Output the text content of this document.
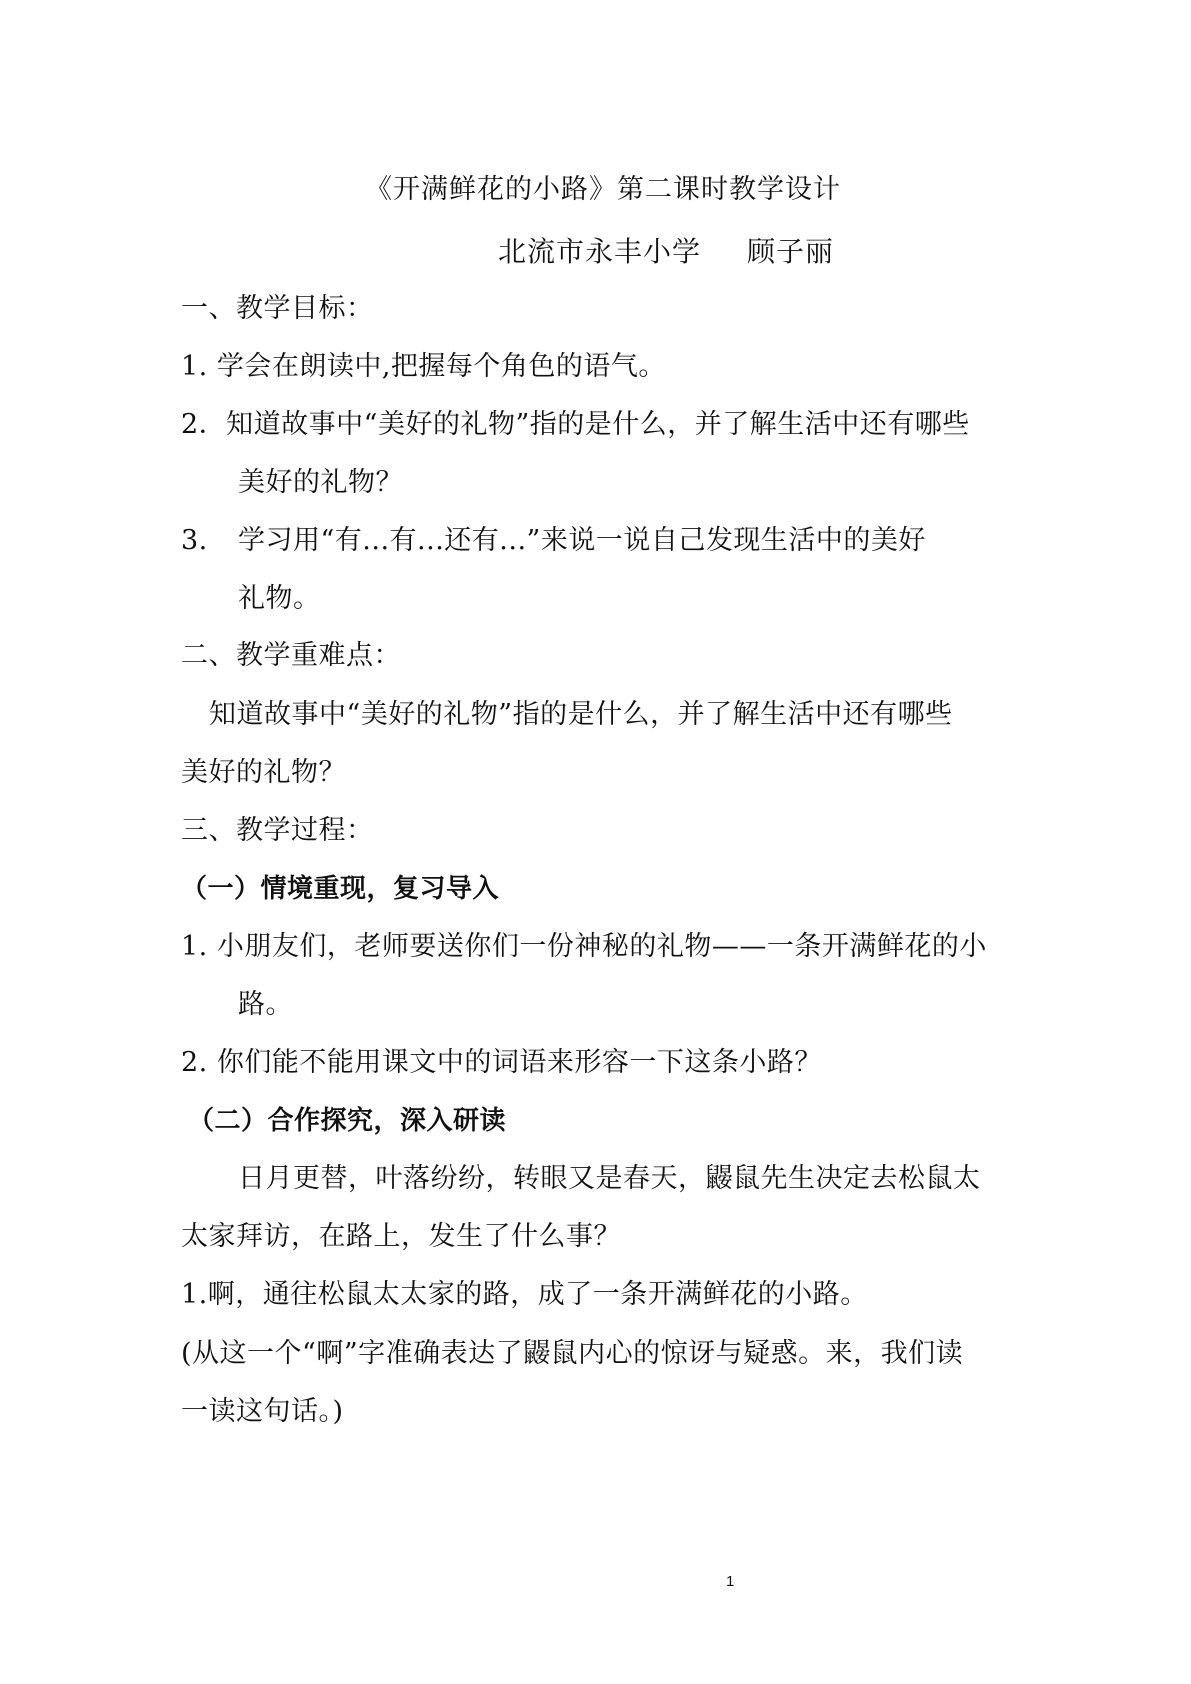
《开满鲜花的小路》第二课时教学设计
北流市永丰小学 顾子丽
一、教学目标：
1. 学会在朗读中,把握每个角色的语气。
2．知道故事中“美好的礼物”指的是什么，并了解生活中还有哪些
美好的礼物？
3. 学习用“有...有...还有...”来说一说自己发现生活中的美好
礼物。
二、教学重难点：
知道故事中“美好的礼物”指的是什么，并了解生活中还有哪些
美好的礼物？
三、教学过程：
（一）情境重现，复习导入
1. 小朋友们，老师要送你们一份神秘的礼物——一条开满鲜花的小
路。
2. 你们能不能用课文中的词语来形容一下这条小路？
（二）合作探究，深入研读
日月更替，叶落纷纷，转眼又是春天，鼹鼠先生决定去松鼠太
太家拜访，在路上，发生了什么事？
1.啊，通往松鼠太太家的路，成了一条开满鲜花的小路。
(从这一个“啊”字准确表达了鼹鼠内心的惊讶与疑惑。来，我们读
一读这句话。)
1
